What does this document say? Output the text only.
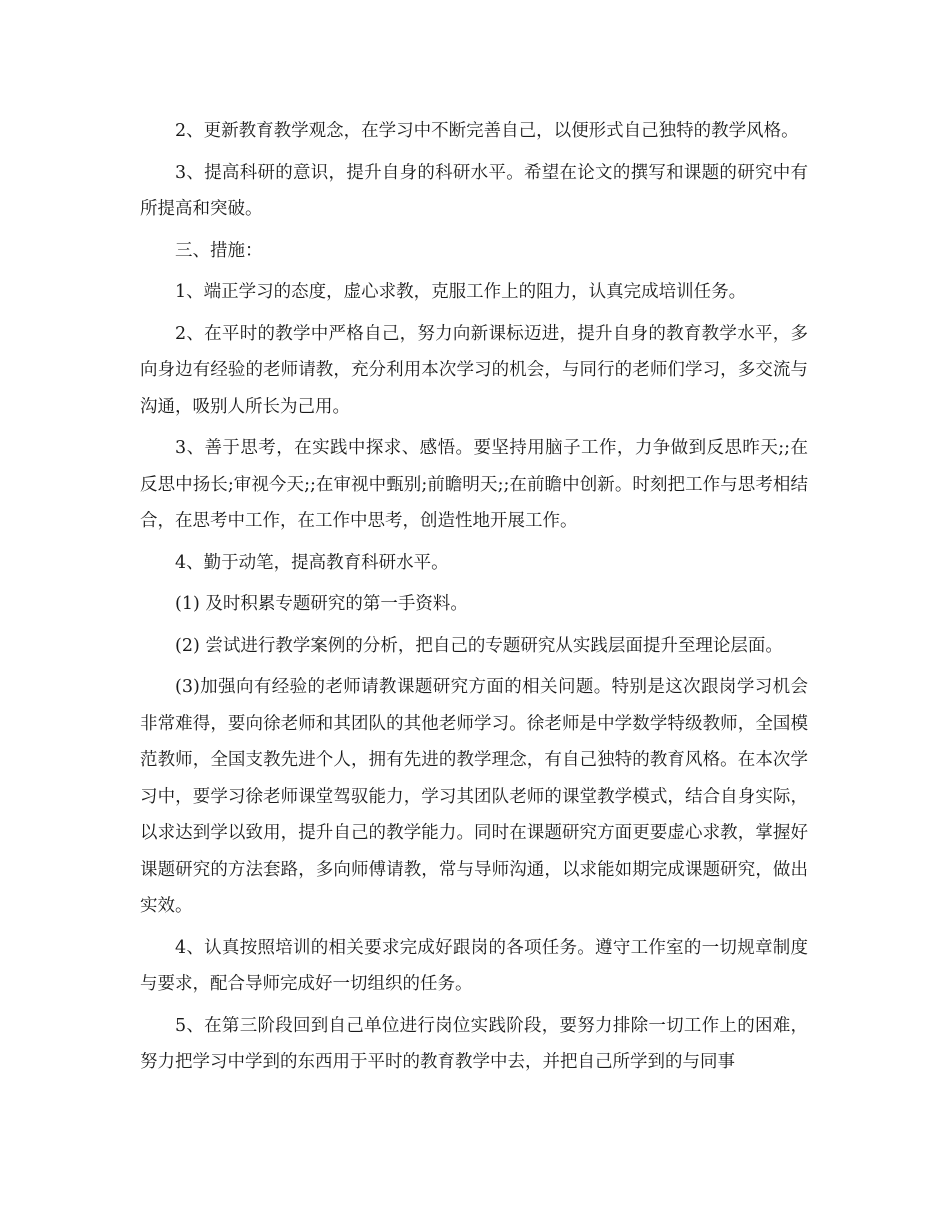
2、更新教育教学观念，在学习中不断完善自己，以便形式自己独特的教学风格。

3、提高科研的意识，提升自身的科研水平。希望在论文的撰写和课题的研究中有所提高和突破。

三、措施：

1、端正学习的态度，虚心求教，克服工作上的阻力，认真完成培训任务。

2、在平时的教学中严格自己，努力向新课标迈进，提升自身的教育教学水平，多向身边有经验的老师请教，充分利用本次学习的机会，与同行的老师们学习，多交流与沟通，吸别人所长为己用。

3、善于思考，在实践中探求、感悟。要坚持用脑子工作，力争做到反思昨天;;在反思中扬长;审视今天;;在审视中甄别;前瞻明天;;在前瞻中创新。时刻把工作与思考相结合，在思考中工作，在工作中思考，创造性地开展工作。

4、勤于动笔，提高教育科研水平。

(1) 及时积累专题研究的第一手资料。

(2) 尝试进行教学案例的分析，把自己的专题研究从实践层面提升至理论层面。

(3)加强向有经验的老师请教课题研究方面的相关问题。特别是这次跟岗学习机会非常难得，要向徐老师和其团队的其他老师学习。徐老师是中学数学特级教师，全国模范教师，全国支教先进个人，拥有先进的教学理念，有自己独特的教育风格。在本次学习中，要学习徐老师课堂驾驭能力，学习其团队老师的课堂教学模式，结合自身实际，以求达到学以致用，提升自己的教学能力。同时在课题研究方面更要虚心求教，掌握好课题研究的方法套路，多向师傅请教，常与导师沟通，以求能如期完成课题研究，做出实效。

4、认真按照培训的相关要求完成好跟岗的各项任务。遵守工作室的一切规章制度与要求，配合导师完成好一切组织的任务。

5、在第三阶段回到自己单位进行岗位实践阶段，要努力排除一切工作上的困难，努力把学习中学到的东西用于平时的教育教学中去，并把自己所学到的与同事
